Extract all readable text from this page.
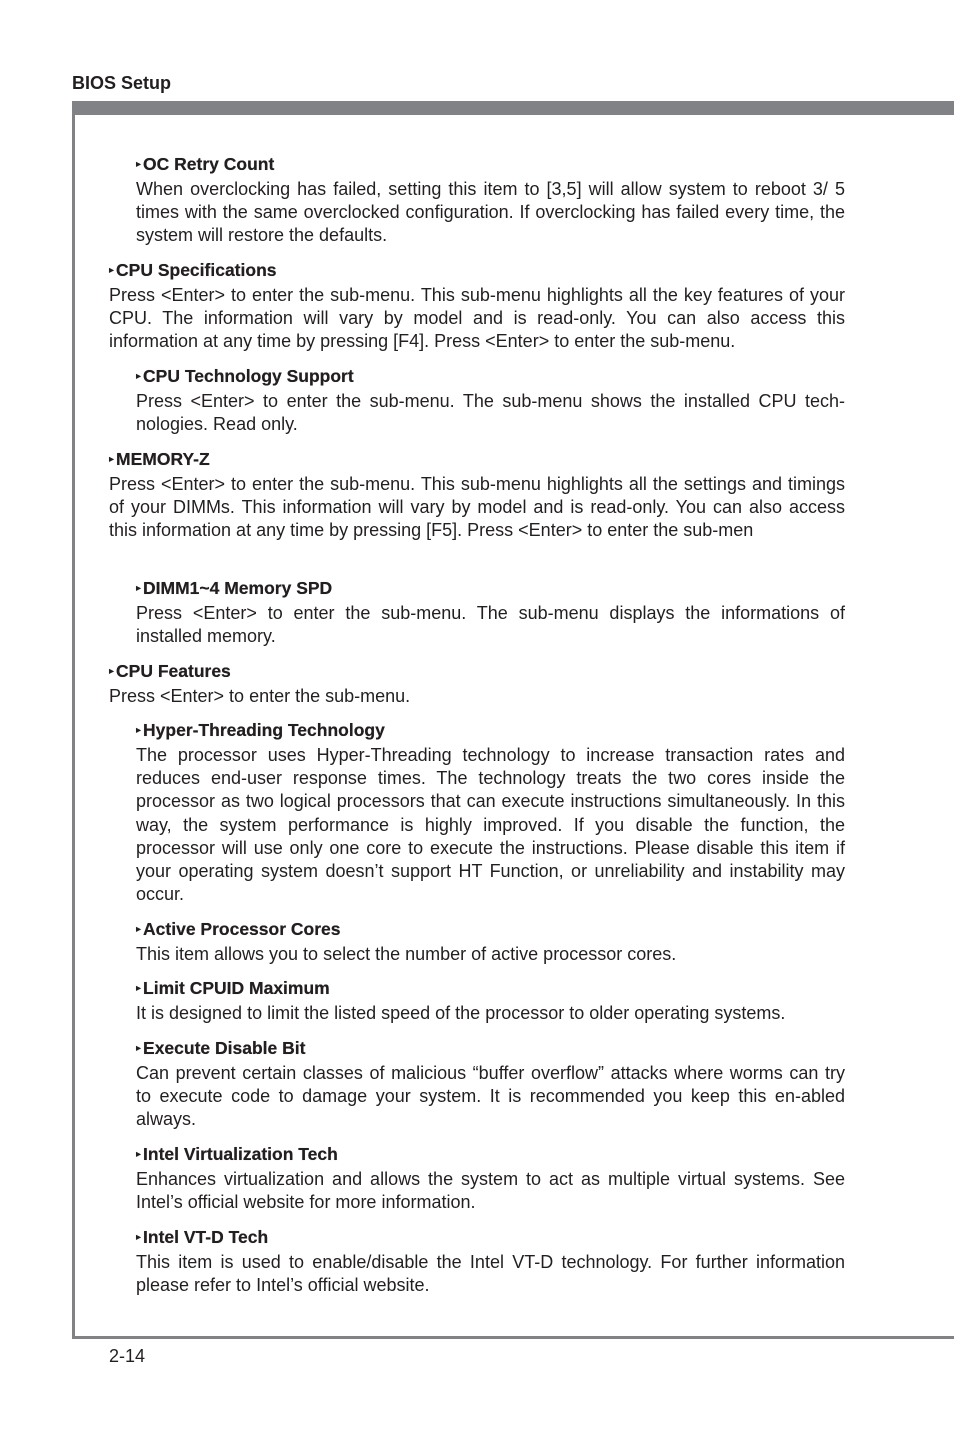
BIOS Setup
▸ OC Retry Count
When overclocking has failed, setting this item to [3,5] will allow system to reboot 3/ 5 times with the same overclocked configuration. If overclocking has failed every time, the system will restore the defaults.
▸ CPU Specifications
Press <Enter> to enter the sub-menu. This sub-menu highlights all the key features of your CPU. The information will vary by model and is read-only. You can also access this information at any time by pressing [F4]. Press <Enter> to enter the sub-menu.
▸ CPU Technology Support
Press <Enter> to enter the sub-menu. The sub-menu shows the installed CPU tech-nologies. Read only.
▸ MEMORY-Z
Press <Enter> to enter the sub-menu. This sub-menu highlights all the settings and timings of your DIMMs. This information will vary by model and is read-only. You can also access this information at any time by pressing [F5]. Press <Enter> to enter the sub-men
▸ DIMM1~4 Memory SPD
Press <Enter> to enter the sub-menu. The sub-menu displays the informations of installed memory.
▸ CPU Features
Press <Enter> to enter the sub-menu.
▸ Hyper-Threading Technology
The processor uses Hyper-Threading technology to increase transaction rates and reduces end-user response times. The technology treats the two cores inside the processor as two logical processors that can execute instructions simultaneously. In this way, the system performance is highly improved. If you disable the function, the processor will use only one core to execute the instructions. Please disable this item if your operating system doesn’t support HT Function, or unreliability and instability may occur.
▸ Active Processor Cores
This item allows you to select the number of active processor cores.
▸ Limit CPUID Maximum
It is designed to limit the listed speed of the processor to older operating systems.
▸ Execute Disable Bit
Can prevent certain classes of malicious “buffer overflow” attacks where worms can try to execute code to damage your system. It is recommended you keep this en-abled always.
▸ Intel Virtualization Tech
Enhances virtualization and allows the system to act as multiple virtual systems. See Intel’s official website for more information.
▸ Intel VT-D Tech
This item is used to enable/disable the Intel VT-D technology. For further information please refer to Intel’s official website.
2-14
